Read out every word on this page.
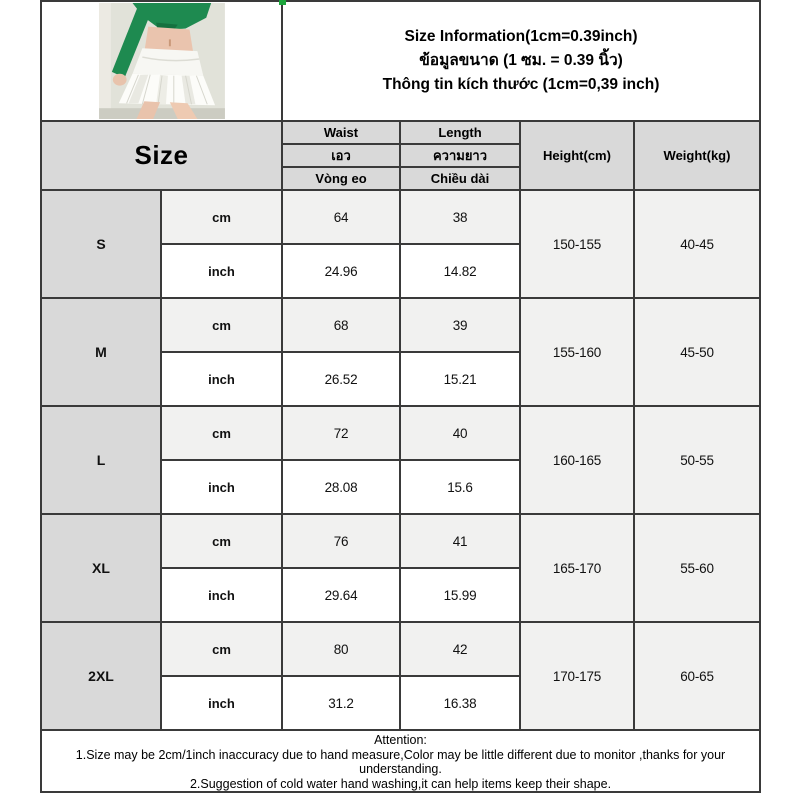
Size Information(1cm=0.39inch)
ข้อมูลขนาด (1 ซม. = 0.39 นิ้ว)
Thông tin kích thước (1cm=0,39 inch)			

Size		Waist	Length	Height(cm)	Weight(kg)
		เอว	ความยาว		
		Vòng eo	Chiều dài		
S	cm	64	38	150-155	40-45
	inch	24.96	14.82		
M	cm	68	39	155-160	45-50
	inch	26.52	15.21		
L	cm	72	40	160-165	50-55
	inch	28.08	15.6		
XL	cm	76	41	165-170	55-60
	inch	29.64	15.99		
2XL	cm	80	42	170-175	60-65
	inch	31.2	16.38		

Attention:
1.Size may be 2cm/1inch inaccuracy due to hand measure,Color may be little different due to monitor ,thanks for your understanding.
2.Suggestion of cold water hand washing,it can help items keep their shape.					
